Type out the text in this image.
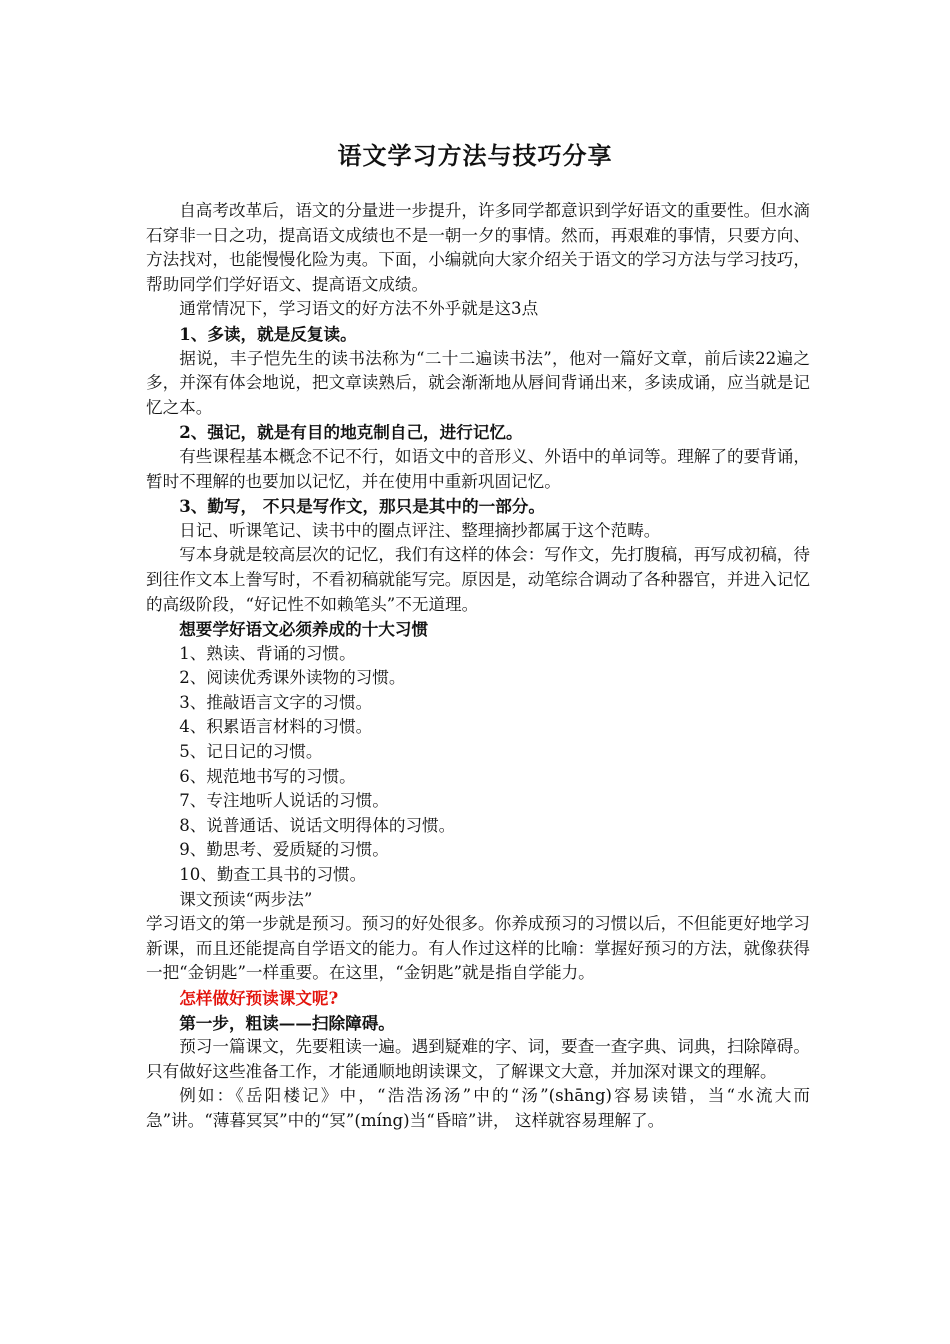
语文学习方法与技巧分享

自高考改革后，语文的分量进一步提升，许多同学都意识到学好语文的重要性。但水滴石穿非一日之功，提高语文成绩也不是一朝一夕的事情。然而，再艰难的事情，只要方向、方法找对，也能慢慢化险为夷。下面，小编就向大家介绍关于语文的学习方法与学习技巧，帮助同学们学好语文、提高语文成绩。

通常情况下，学习语文的好方法不外乎就是这3点

1、多读，就是反复读。

据说，丰子恺先生的读书法称为“二十二遍读书法”，他对一篇好文章，前后读22遍之多，并深有体会地说，把文章读熟后，就会渐渐地从唇间背诵出来，多读成诵，应当就是记忆之本。

2、强记，就是有目的地克制自己，进行记忆。

有些课程基本概念不记不行，如语文中的音形义、外语中的单词等。理解了的要背诵，暂时不理解的也要加以记忆，并在使用中重新巩固记忆。

3、勤写， 不只是写作文，那只是其中的一部分。

日记、听课笔记、读书中的圈点评注、整理摘抄都属于这个范畴。

写本身就是较高层次的记忆，我们有这样的体会：写作文，先打腹稿，再写成初稿，待到往作文本上誊写时，不看初稿就能写完。原因是，动笔综合调动了各种器官，并进入记忆的高级阶段，“好记性不如赖笔头”不无道理。

想要学好语文必须养成的十大习惯

1、熟读、背诵的习惯。

2、阅读优秀课外读物的习惯。

3、推敲语言文字的习惯。

4、积累语言材料的习惯。

5、记日记的习惯。

6、规范地书写的习惯。

7、专注地听人说话的习惯。

8、说普通话、说话文明得体的习惯。

9、勤思考、爱质疑的习惯。

10、勤查工具书的习惯。

课文预读“两步法”

学习语文的第一步就是预习。预习的好处很多。你养成预习的习惯以后，不但能更好地学习新课，而且还能提高自学语文的能力。有人作过这样的比喻：掌握好预习的方法，就像获得一把“金钥匙”一样重要。在这里，“金钥匙”就是指自学能力。

怎样做好预读课文呢?

第一步，粗读——扫除障碍。

预习一篇课文，先要粗读一遍。遇到疑难的字、词，要查一查字典、词典，扫除障碍。只有做好这些准备工作，才能通顺地朗读课文，了解课文大意，并加深对课文的理解。

例如：《岳阳楼记》中，“浩浩汤汤”中的“汤”(shāng)容易读错，当“水流大而急”讲。“薄暮冥冥”中的“冥”(míng)当“昏暗”讲， 这样就容易理解了。
